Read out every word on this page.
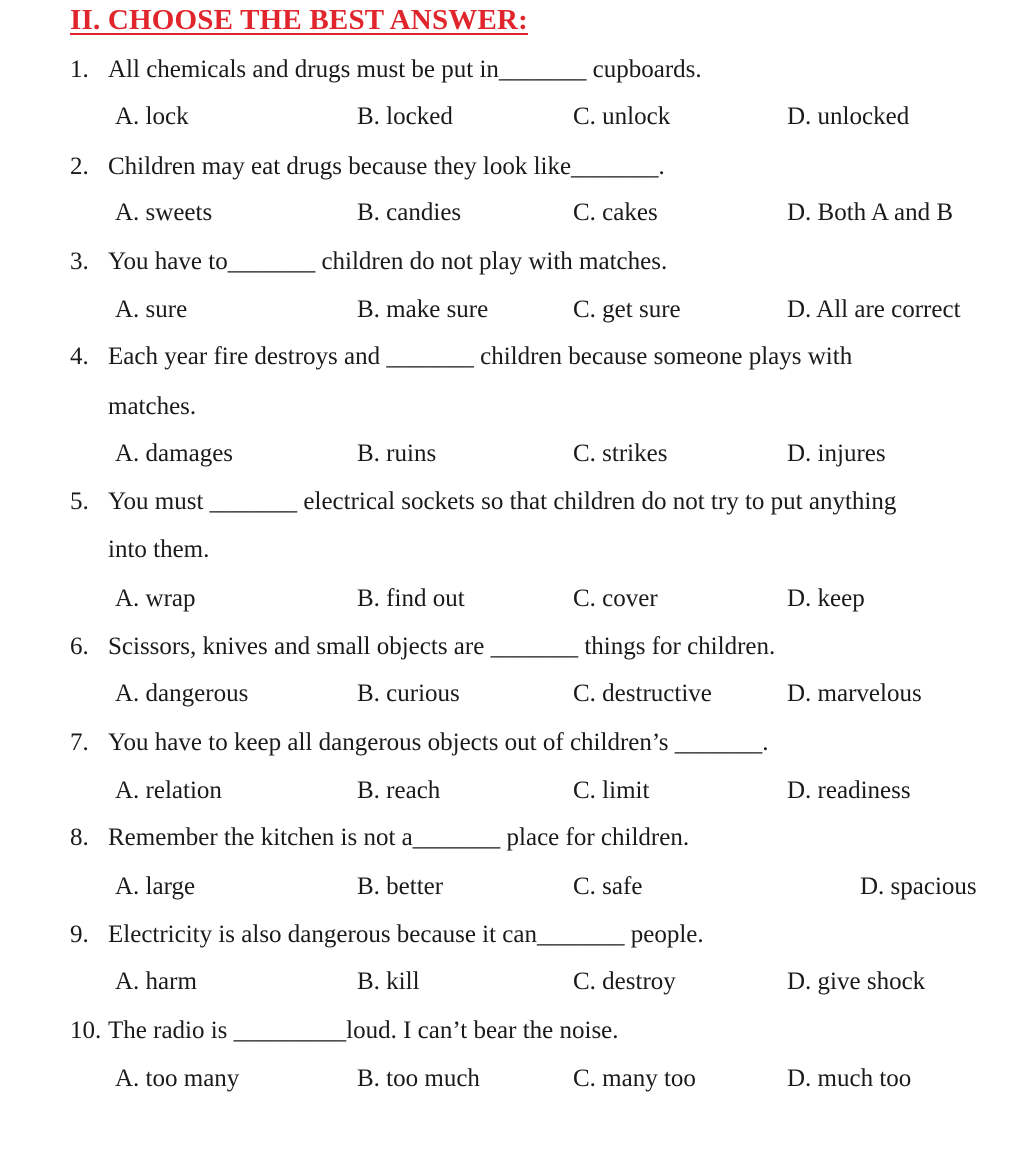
II. CHOOSE THE BEST ANSWER:
1. All chemicals and drugs must be put in_______ cupboards.
A. lock	B. locked	C. unlock	D. unlocked
2. Children may eat drugs because they look like_______.
A. sweets	B. candies	C. cakes	D. Both A and B
3. You have to_______ children do not play with matches.
A. sure	B. make sure	C. get sure	D. All are correct
4. Each year fire destroys and _______ children because someone plays with
matches.
A. damages	B. ruins	C. strikes	D. injures
5. You must _______ electrical sockets so that children do not try to put anything
into them.
A. wrap	B. find out	C. cover	D. keep
6. Scissors, knives and small objects are _______ things for children.
A. dangerous	B. curious	C. destructive	D. marvelous
7. You have to keep all dangerous objects out of children’s _______.
A. relation	B. reach	C. limit	D. readiness
8. Remember the kitchen is not a_______ place for children.
A. large	B. better	C. safe	D. spacious
9. Electricity is also dangerous because it can_______ people.
A. harm	B. kill	C. destroy	D. give shock
10. The radio is _________loud. I can’t bear the noise.
A. too many	B. too much	C. many too	D. much too
